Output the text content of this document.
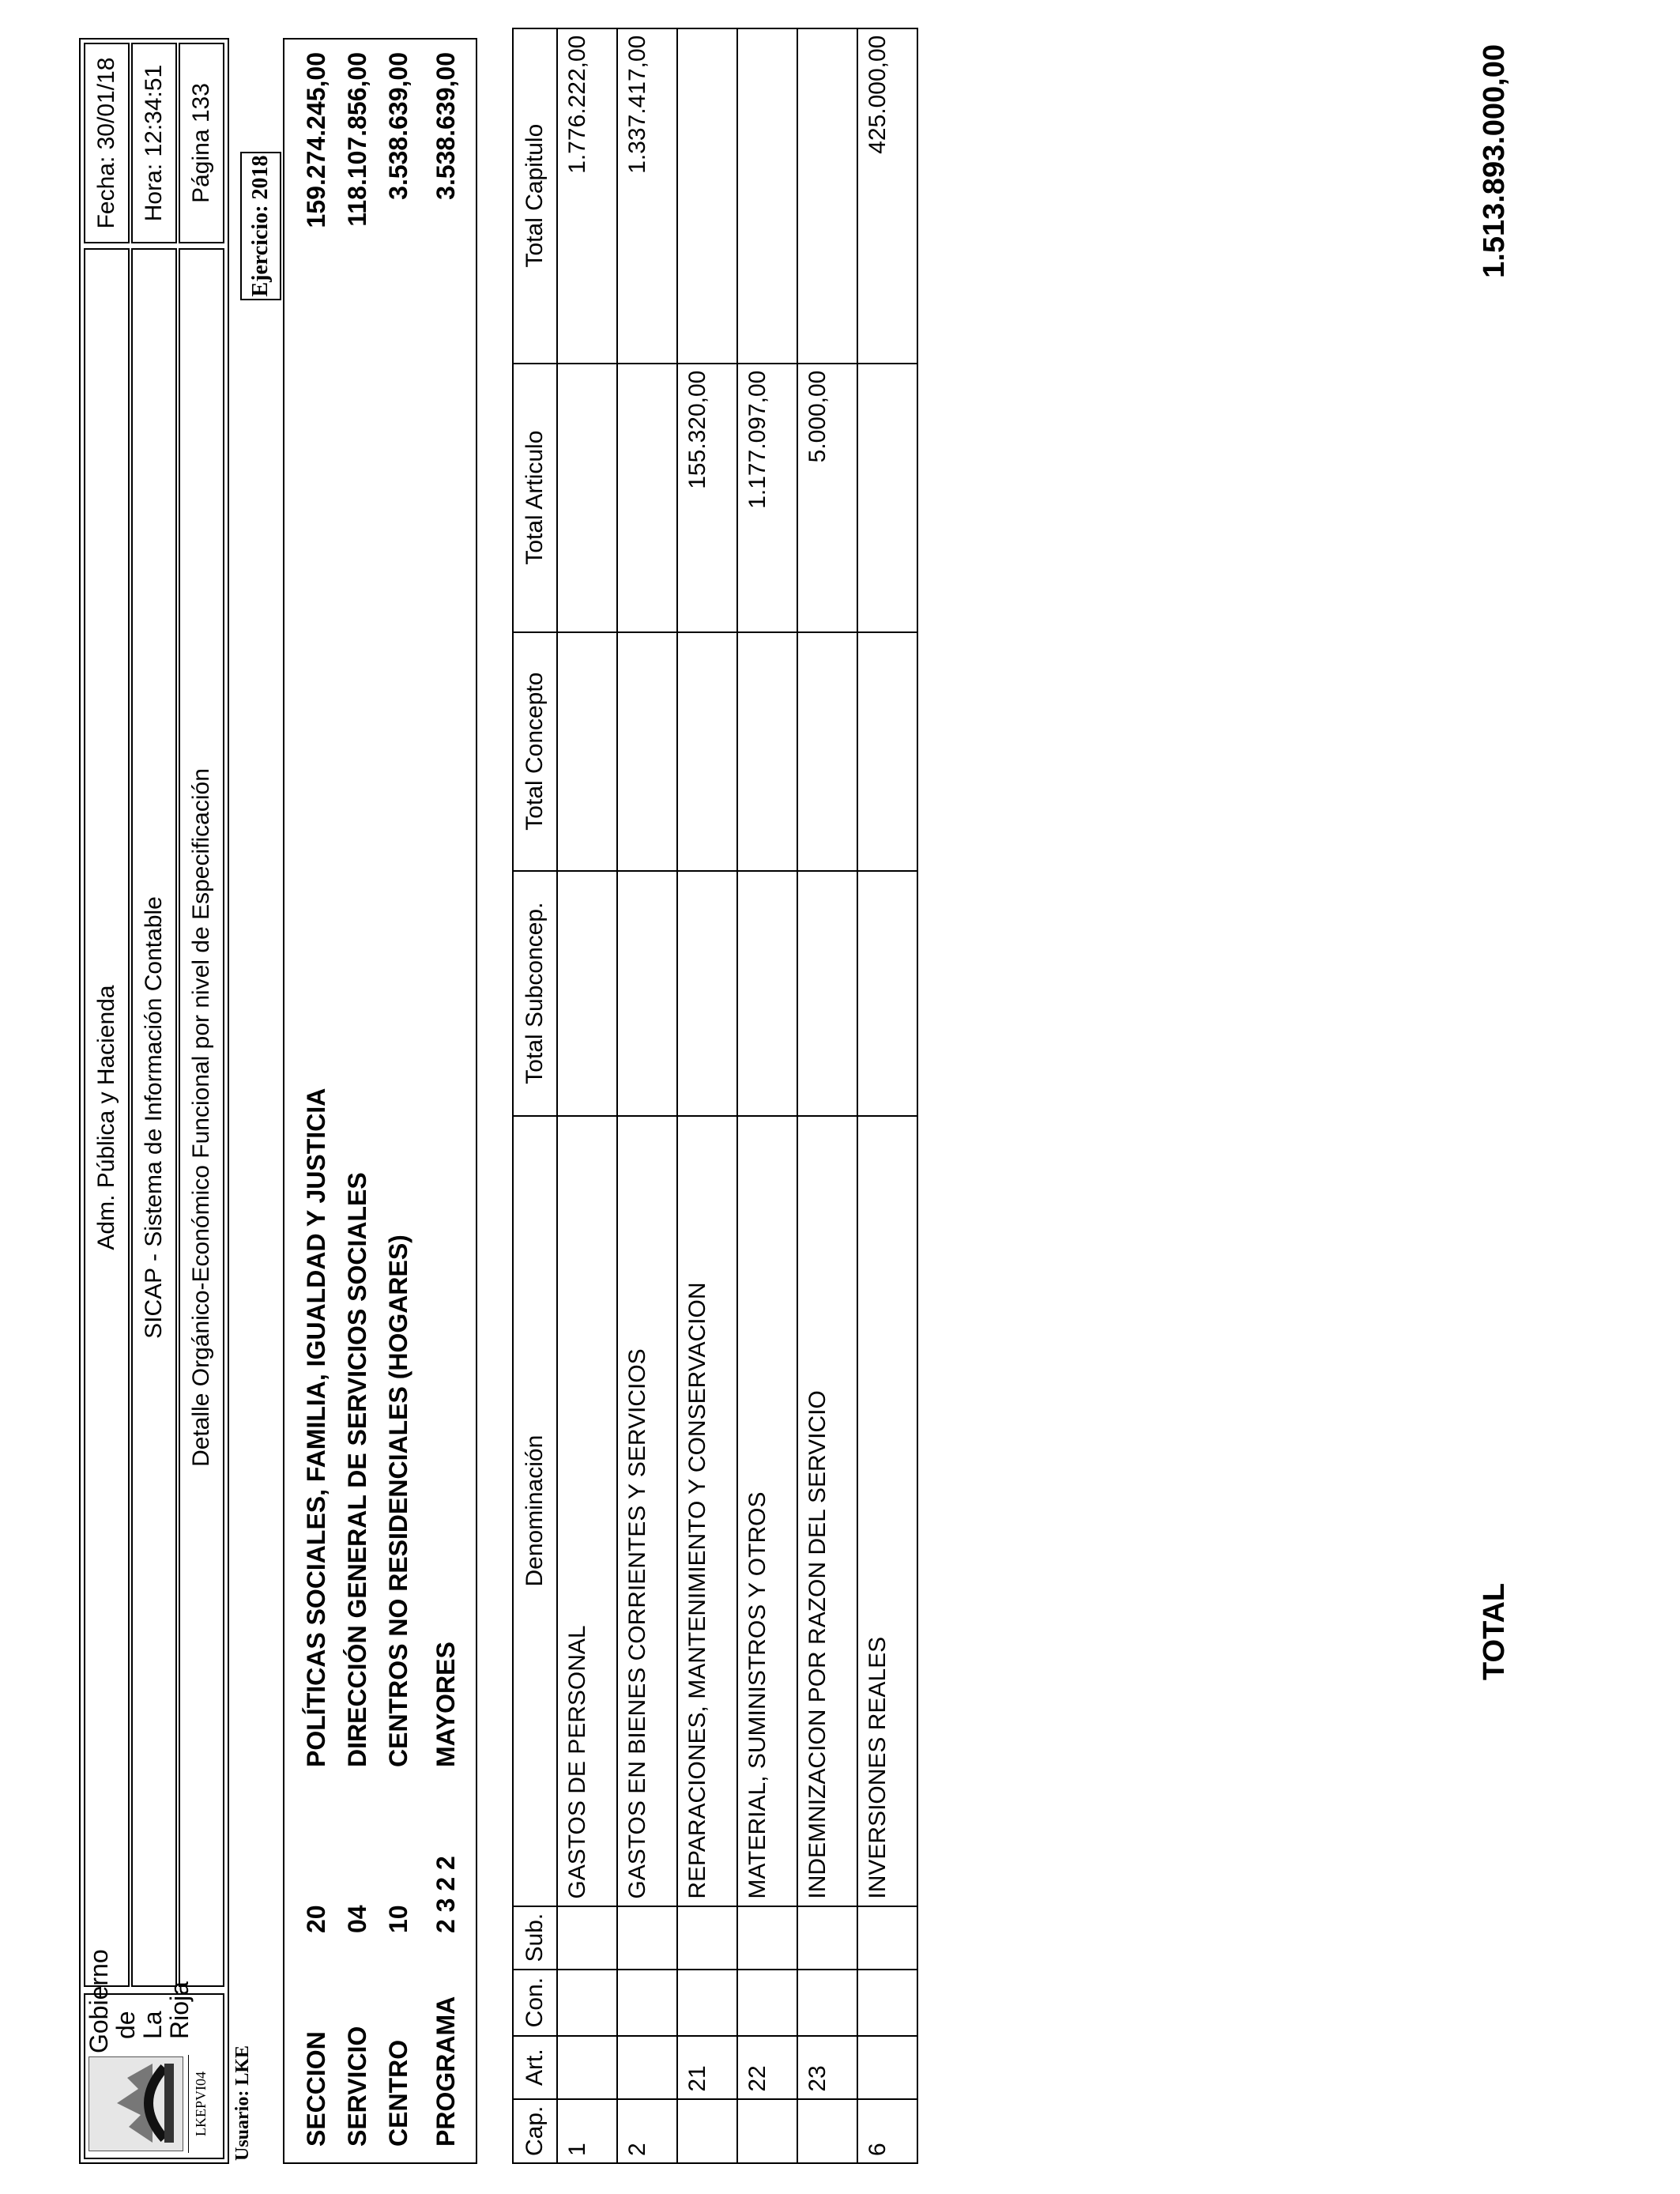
LKEPVI04
Gobierno
de La
Rioja
Adm. Pública y Hacienda SICAP - Sistema de Información Contable Detalle Orgánico-Económico Funcional por nivel de Especificación
Fecha: 30/01/18 Hora: 12:34:51 Página 133
Usuario: LKE
Ejercicio: 2018
SECCION
20
POLÍTICAS SOCIALES, FAMILIA, IGUALDAD Y JUSTICIA
159.274.245,00
SERVICIO
04
DIRECCIÓN GENERAL DE SERVICIOS SOCIALES
118.107.856,00
CENTRO
10
CENTROS NO RESIDENCIALES (HOGARES)
3.538.639,00
PROGRAMA
2 3 2 2
MAYORES
3.538.639,00
Cap.	Art.	Con.	Sub.	Denominación	Total Subconcep.	Total Concepto	Total Articulo	Total Capitulo
1				GASTOS DE PERSONAL				1.776.222,00
2				GASTOS EN BIENES CORRIENTES Y SERVICIOS				1.337.417,00
	21			REPARACIONES, MANTENIMIENTO Y CONSERVACION			155.320,00	
	22			MATERIAL, SUMINISTROS Y OTROS			1.177.097,00	
	23			INDEMNIZACION POR RAZON DEL SERVICIO			5.000,00	
6				INVERSIONES REALES				425.000,00
TOTAL
1.513.893.000,00
